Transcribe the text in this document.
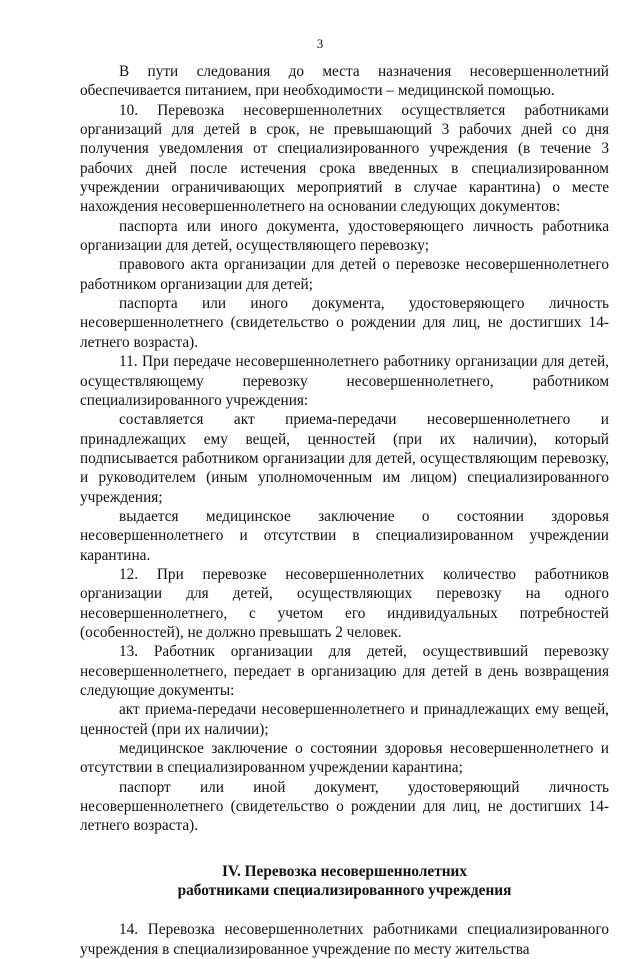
3

В пути следования до места назначения несовершеннолетний обеспечивается питанием, при необходимости – медицинской помощью.

10. Перевозка несовершеннолетних осуществляется работниками организаций для детей в срок, не превышающий 3 рабочих дней со дня получения уведомления от специализированного учреждения (в течение 3 рабочих дней после истечения срока введенных в специализированном учреждении ограничивающих мероприятий в случае карантина) о месте нахождения несовершеннолетнего на основании следующих документов:

паспорта или иного документа, удостоверяющего личность работника организации для детей, осуществляющего перевозку;

правового акта организации для детей о перевозке несовершеннолетнего работником организации для детей;

паспорта или иного документа, удостоверяющего личность несовершеннолетнего (свидетельство о рождении для лиц, не достигших 14-летнего возраста).

11. При передаче несовершеннолетнего работнику организации для детей, осуществляющему перевозку несовершеннолетнего, работником специализированного учреждения:

составляется акт приема-передачи несовершеннолетнего и принадлежащих ему вещей, ценностей (при их наличии), который подписывается работником организации для детей, осуществляющим перевозку, и руководителем (иным уполномоченным им лицом) специализированного учреждения;

выдается медицинское заключение о состоянии здоровья несовершеннолетнего и отсутствии в специализированном учреждении карантина.

12. При перевозке несовершеннолетних количество работников организации для детей, осуществляющих перевозку на одного несовершеннолетнего, с учетом его индивидуальных потребностей (особенностей), не должно превышать 2 человек.

13. Работник организации для детей, осуществивший перевозку несовершеннолетнего, передает в организацию для детей в день возвращения следующие документы:

акт приема-передачи несовершеннолетнего и принадлежащих ему вещей, ценностей (при их наличии);

медицинское заключение о состоянии здоровья несовершеннолетнего и отсутствии в специализированном учреждении карантина;

паспорт или иной документ, удостоверяющий личность несовершеннолетнего (свидетельство о рождении для лиц, не достигших 14-летнего возраста).

IV. Перевозка несовершеннолетних
работниками специализированного учреждения

14. Перевозка несовершеннолетних работниками специализированного учреждения в специализированное учреждение по месту жительства
